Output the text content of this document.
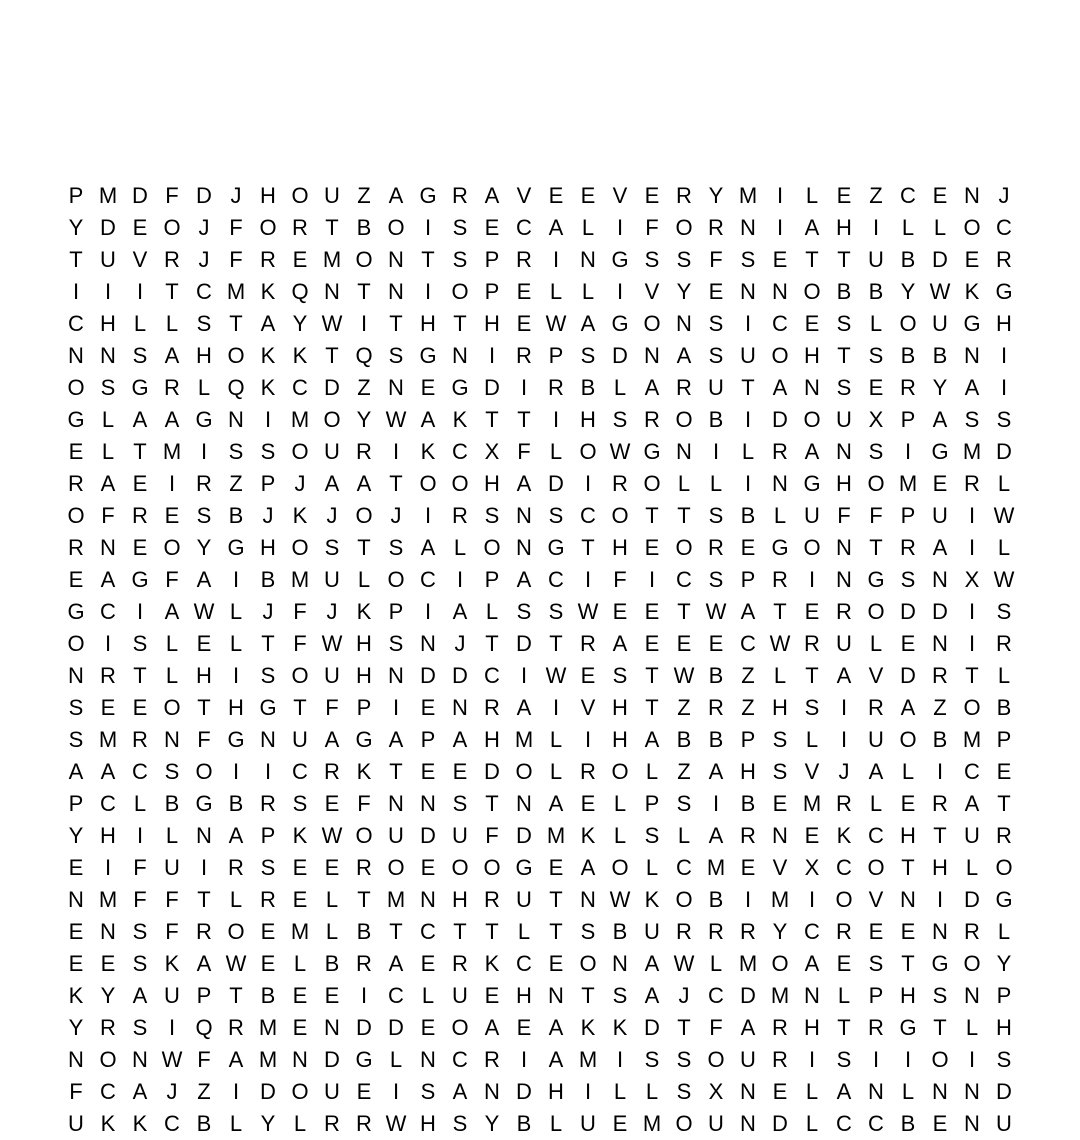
P M D F D J H O U Z A G R A V E E V E R Y M I	L E Z C E N J
Y D E O J F O R T B O I S E C A L	I	F O R N I A H I	L L O C
T U V R J F R E M O N T S P R I N G S S F S E T T U B D E R
I	I	I	T C M K Q N T N I O P E L L	I V Y E N N O B B Y W K G
C H L L S T A Y W I	T H T H E W A G O N S I C E S L O U G H
N N S A H O K K T Q S G N I R P S D N A S U O H T S B B N I
O S G R L Q K C D Z N E G D I R B L A R U T A N S E R Y A I
G L A A G N I M O Y W A K T T	I H S R O B I D O U X P A S S
E L T M I S S O U R I K C X F L O W G N I	L R A N S I G M D
R A E I R Z P J A A T O O H A D I R O L L	I N G H O M E R L
O F R E S B J K J O J	I R S N S C O T T S B L U F F P U I W
R N E O Y G H O S T S A L O N G T H E O R E G O N T R A I	L
E A G F A I B M U L O C I P A C I	F	I C S P R I N G S N X W
G C I A W L J F J K P I A L S S W E E T W A T E R O D D I S
O I S L E L T F W H S N J T D T R A E E E C W R U L E N I R
N R T L H I S O U H N D D C I W E S T W B Z L T A V D R T L
S E E O T H G T F P I E N R A I V H T Z R Z H S I R A Z O B
S M R N F G N U A G A P A H M L	I H A B B P S L	I U O B M P
A A C S O I	I C R K T E E D O L R O L Z A H S V J A L	I C E
P C L B G B R S E F N N S T N A E L P S I B E M R L E R A T
Y H I	L N A P K W O U D U F D M K L S L A R N E K C H T U R
E I	F U I R S E E R O E O O G E A O L C M E V X C O T H L O
N M F F T L R E L T M N H R U T N W K O B I M I O V N I D G
E N S F R O E M L B T C T T L T S B U R R R Y C R E E N R L
E E S K A W E L B R A E R K C E O N A W L M O A E S T G O Y
K Y A U P T B E E I C L U E H N T S A J C D M N L P H S N P
Y R S I Q R M E N D D E O A E A K K D T F A R H T R G T L H
N O N W F A M N D G L N C R I A M I S S O U R I S I	I O I S
F C A J Z	I D O U E I S A N D H I	L L S X N E L A N L N N D
U K K C B L Y L R R W H S Y B L U E M O U N D L C C B E N U
